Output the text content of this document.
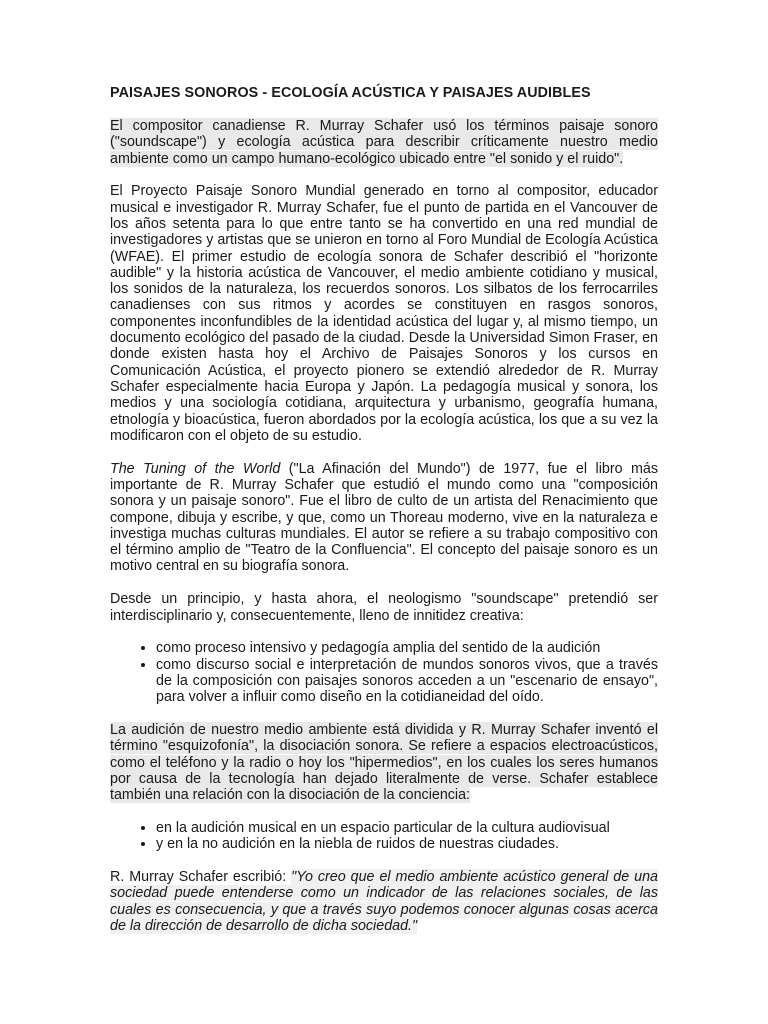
PAISAJES SONOROS - ECOLOGÍA ACÚSTICA Y PAISAJES AUDIBLES

El compositor canadiense R. Murray Schafer usó los términos paisaje sonoro ("soundscape") y ecología acústica para describir críticamente nuestro medio ambiente como un campo humano-ecológico ubicado entre "el sonido y el ruido".

El Proyecto Paisaje Sonoro Mundial generado en torno al compositor, educador musical e investigador R. Murray Schafer, fue el punto de partida en el Vancouver de los años setenta para lo que entre tanto se ha convertido en una red mundial de investigadores y artistas que se unieron en torno al Foro Mundial de Ecología Acústica (WFAE). El primer estudio de ecología sonora de Schafer describió el "horizonte audible" y la historia acústica de Vancouver, el medio ambiente cotidiano y musical, los sonidos de la naturaleza, los recuerdos sonoros. Los silbatos de los ferrocarriles canadienses con sus ritmos y acordes se constituyen en rasgos sonoros, componentes inconfundibles de la identidad acústica del lugar y, al mismo tiempo, un documento ecológico del pasado de la ciudad. Desde la Universidad Simon Fraser, en donde existen hasta hoy el Archivo de Paisajes Sonoros y los cursos en Comunicación Acústica, el proyecto pionero se extendió alrededor de R. Murray Schafer especialmente hacia Europa y Japón. La pedagogía musical y sonora, los medios y una sociología cotidiana, arquitectura y urbanismo, geografía humana, etnología y bioacústica, fueron abordados por la ecología acústica, los que a su vez la modificaron con el objeto de su estudio.

The Tuning of the World ("La Afinación del Mundo") de 1977, fue el libro más importante de R. Murray Schafer que estudió el mundo como una "composición sonora y un paisaje sonoro". Fue el libro de culto de un artista del Renacimiento que compone, dibuja y escribe, y que, como un Thoreau moderno, vive en la naturaleza e investiga muchas culturas mundiales. El autor se refiere a su trabajo compositivo con el término amplio de "Teatro de la Confluencia". El concepto del paisaje sonoro es un motivo central en su biografía sonora.

Desde un principio, y hasta ahora, el neologismo "soundscape" pretendió ser interdisciplinario y, consecuentemente, lleno de innitidez creativa:

• como proceso intensivo y pedagogía amplia del sentido de la audición
• como discurso social e interpretación de mundos sonoros vivos, que a través de la composición con paisajes sonoros acceden a un "escenario de ensayo", para volver a influir como diseño en la cotidianeidad del oído.

La audición de nuestro medio ambiente está dividida y R. Murray Schafer inventó el término "esquizofonía", la disociación sonora. Se refiere a espacios electroacústicos, como el teléfono y la radio o hoy los "hipermedios", en los cuales los seres humanos por causa de la tecnología han dejado literalmente de verse. Schafer establece también una relación con la disociación de la conciencia:

• en la audición musical en un espacio particular de la cultura audiovisual
• y en la no audición en la niebla de ruidos de nuestras ciudades.

R. Murray Schafer escribió: "Yo creo que el medio ambiente acústico general de una sociedad puede entenderse como un indicador de las relaciones sociales, de las cuales es consecuencia, y que a través suyo podemos conocer algunas cosas acerca de la dirección de desarrollo de dicha sociedad."
